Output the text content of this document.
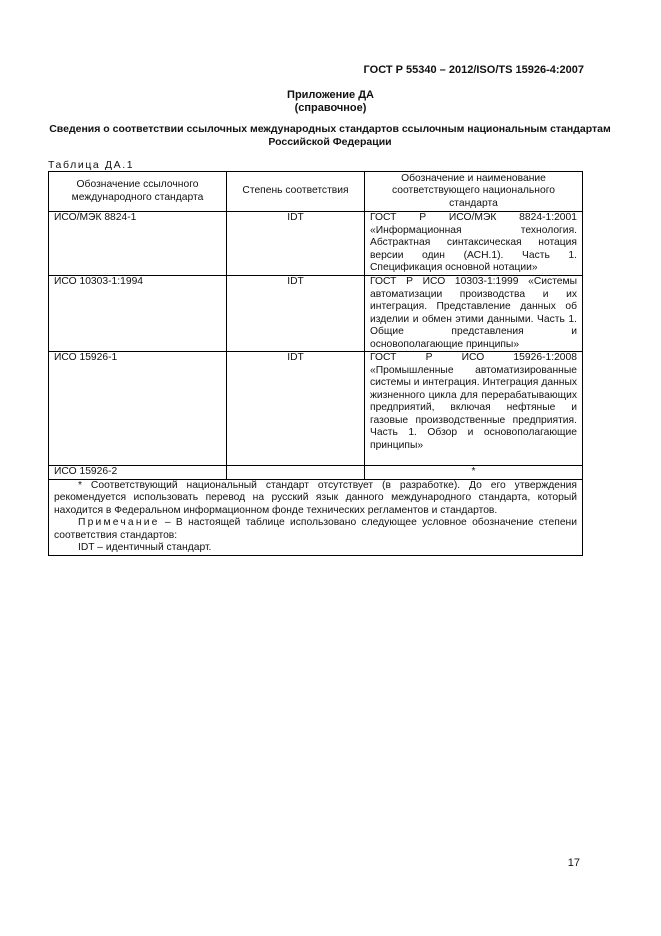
ГОСТ Р 55340 – 2012/ISO/TS 15926-4:2007
Приложение ДА
(справочное)
Сведения о соответствии ссылочных международных стандартов ссылочным национальным стандартам Российской Федерации
Таблица ДА.1
Обозначение ссылочного международного стандарта	Степень соответствия	Обозначение и наименование соответствующего национального стандарта
ИСО/МЭК 8824-1	IDT	ГОСТ Р ИСО/МЭК 8824-1:2001 «Информационная технология. Абстрактная синтаксическая нотация версии один (АСН.1). Часть 1. Спецификация основной нотации»
ИСО 10303-1:1994	IDT	ГОСТ Р ИСО 10303-1:1999 «Системы автоматизации производства и их интеграция. Представление данных об изделии и обмен этими данными. Часть 1. Общие представления и основополагающие принципы»
ИСО 15926-1	IDT	ГОСТ Р ИСО 15926-1:2008 «Промышленные автоматизированные системы и интеграция. Интеграция данных жизненного цикла для перерабатывающих предприятий, включая нефтяные и газовые производственные предприятия. Часть 1. Обзор и основополагающие принципы»
ИСО 15926-2		*

* Соответствующий национальный стандарт отсутствует (в разработке). До его утверждения рекомендуется использовать перевод на русский язык данного международного стандарта, который находится в Федеральном информационном фонде технических регламентов и стандартов.

Примечание – В настоящей таблице использовано следующее условное обозначение степени соответствия стандартов:

IDT – идентичный стандарт.		

17
